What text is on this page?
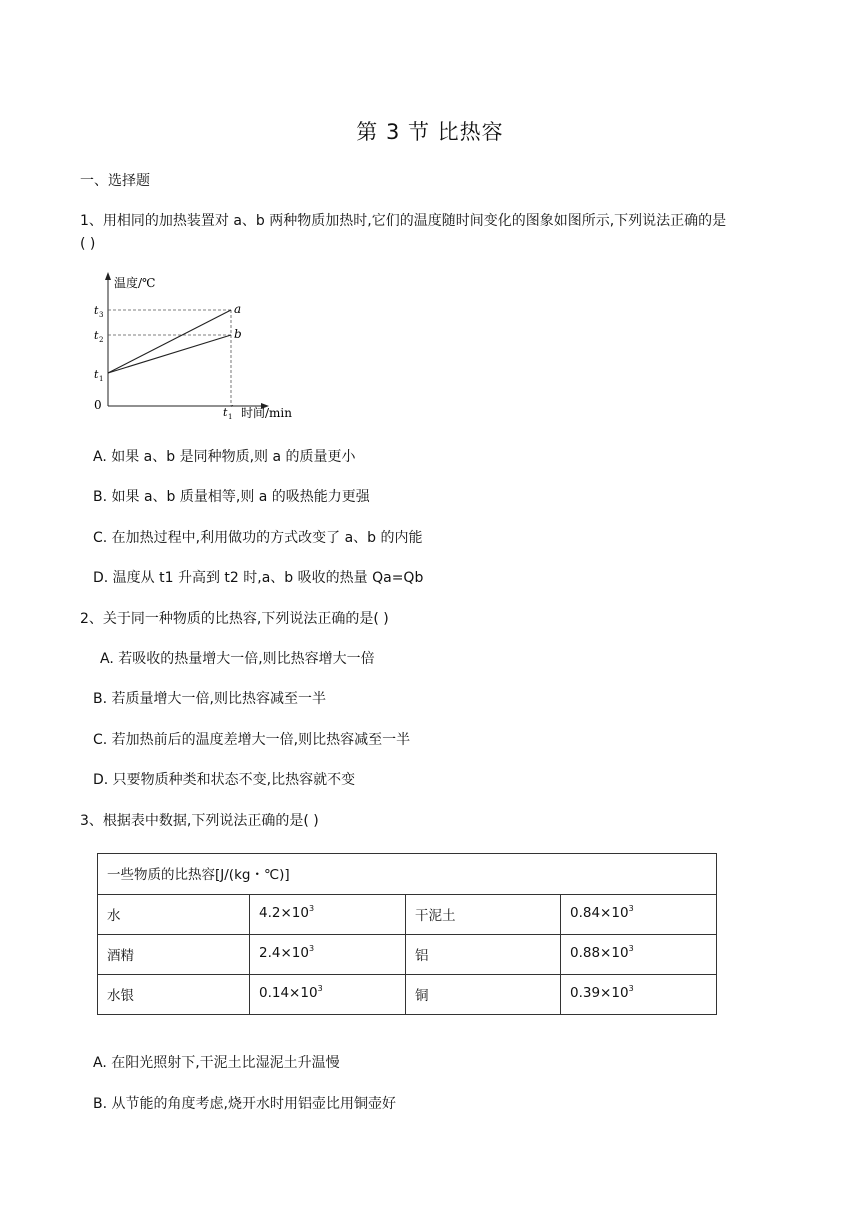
第 3 节 比热容
一、选择题
1、用相同的加热装置对 a、b 两种物质加热时,它们的温度随时间变化的图象如图所示,下列说法正确的是
( )
温度/℃
时间/min
0
t 1
t 2
t 3
t 1
′
a
b
A. 如果 a、b 是同种物质,则 a 的质量更小
B. 如果 a、b 质量相等,则 a 的吸热能力更强
C. 在加热过程中,利用做功的方式改变了 a、b 的内能
D. 温度从 t1 升高到 t2 时,a、b 吸收的热量 Qa=Qb
2、关于同一种物质的比热容,下列说法正确的是( )
A. 若吸收的热量增大一倍,则比热容增大一倍
B. 若质量增大一倍,则比热容减至一半
C. 若加热前后的温度差增大一倍,则比热容减至一半
D. 只要物质种类和状态不变,比热容就不变
3、根据表中数据,下列说法正确的是( )
一些物质的比热容[J/(kg・℃)]			
水	$4.2\times 10^3$	干泥土	$0.84\times 10^3$
酒精	$2.4\times 10^3$	铝	$0.88\times 10^3$
水银	$0.14\times 10^3$	铜	$0.39\times 10^3$
A. 在阳光照射下,干泥土比湿泥土升温慢
B. 从节能的角度考虑,烧开水时用铝壶比用铜壶好
